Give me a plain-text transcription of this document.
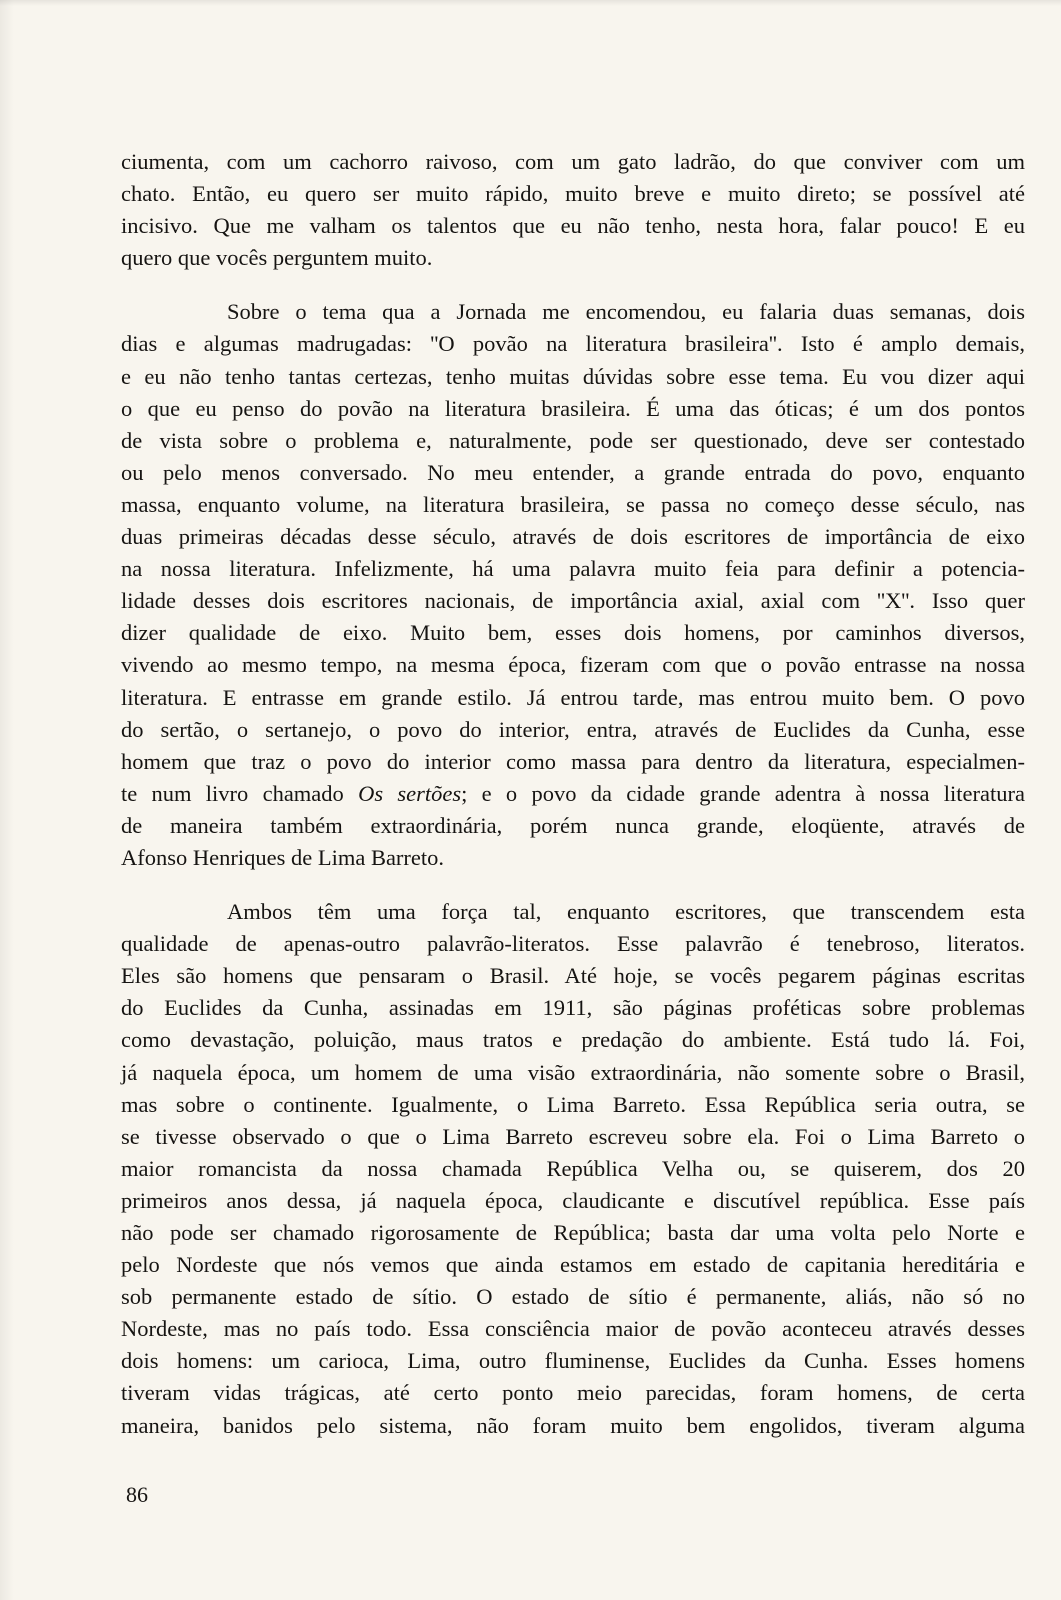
ciumenta, com um cachorro raivoso, com um gato ladrão, do que conviver com um
chato. Então, eu quero ser muito rápido, muito breve e muito direto; se possível até
incisivo. Que me valham os talentos que eu não tenho, nesta hora, falar pouco! E eu
quero que vocês perguntem muito.

Sobre o tema qua a Jornada me encomendou, eu falaria duas semanas, dois
dias e algumas madrugadas: ''O povão na literatura brasileira''. Isto é amplo demais,
e eu não tenho tantas certezas, tenho muitas dúvidas sobre esse tema. Eu vou dizer aqui
o que eu penso do povão na literatura brasileira. É uma das óticas; é um dos pontos
de vista sobre o problema e, naturalmente, pode ser questionado, deve ser contestado
ou pelo menos conversado. No meu entender, a grande entrada do povo, enquanto
massa, enquanto volume, na literatura brasileira, se passa no começo desse século, nas
duas primeiras décadas desse século, através de dois escritores de importância de eixo
na nossa literatura. Infelizmente, há uma palavra muito feia para definir a potencia-
lidade desses dois escritores nacionais, de importância axial, axial com ''X''. Isso quer
dizer qualidade de eixo. Muito bem, esses dois homens, por caminhos diversos,
vivendo ao mesmo tempo, na mesma época, fizeram com que o povão entrasse na nossa
literatura. E entrasse em grande estilo. Já entrou tarde, mas entrou muito bem. O povo
do sertão, o sertanejo, o povo do interior, entra, através de Euclides da Cunha, esse
homem que traz o povo do interior como massa para dentro da literatura, especialmen-
te num livro chamado Os sertões; e o povo da cidade grande adentra à nossa literatura
de maneira também extraordinária, porém nunca grande, eloqüente, através de
Afonso Henriques de Lima Barreto.

Ambos têm uma força tal, enquanto escritores, que transcendem esta
qualidade de apenas-outro palavrão-literatos. Esse palavrão é tenebroso, literatos.
Eles são homens que pensaram o Brasil. Até hoje, se vocês pegarem páginas escritas
do Euclides da Cunha, assinadas em 1911, são páginas proféticas sobre problemas
como devastação, poluição, maus tratos e predação do ambiente. Está tudo lá. Foi,
já naquela época, um homem de uma visão extraordinária, não somente sobre o Brasil,
mas sobre o continente. Igualmente, o Lima Barreto. Essa República seria outra, se
se tivesse observado o que o Lima Barreto escreveu sobre ela. Foi o Lima Barreto o
maior romancista da nossa chamada República Velha ou, se quiserem, dos 20
primeiros anos dessa, já naquela época, claudicante e discutível república. Esse país
não pode ser chamado rigorosamente de República; basta dar uma volta pelo Norte e
pelo Nordeste que nós vemos que ainda estamos em estado de capitania hereditária e
sob permanente estado de sítio. O estado de sítio é permanente, aliás, não só no
Nordeste, mas no país todo. Essa consciência maior de povão aconteceu através desses
dois homens: um carioca, Lima, outro fluminense, Euclides da Cunha. Esses homens
tiveram vidas trágicas, até certo ponto meio parecidas, foram homens, de certa
maneira, banidos pelo sistema, não foram muito bem engolidos, tiveram alguma

86
